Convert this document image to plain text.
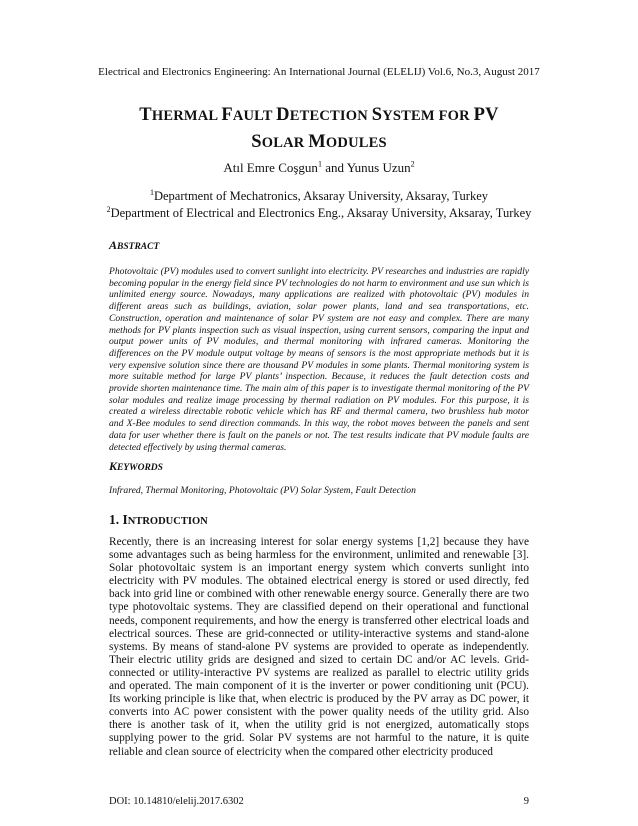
Electrical and Electronics Engineering: An International Journal (ELELIJ) Vol.6, No.3, August 2017
THERMAL FAULT DETECTION SYSTEM FOR PV
SOLAR MODULES
Atıl Emre Coşgun$^1$ and Yunus Uzun$^2$
$^1$Department of Mechatronics, Aksaray University, Aksaray, Turkey
$^2$Department of Electrical and Electronics Eng., Aksaray University, Aksaray, Turkey
ABSTRACT
Photovoltaic (PV) modules used to convert sunlight into electricity. PV researches and industries are rapidly becoming popular in the energy field since PV technologies do not harm to environment and use sun which is unlimited energy source. Nowadays, many applications are realized with photovoltaic (PV) modules in different areas such as buildings, aviation, solar power plants, land and sea transportations, etc. Construction, operation and maintenance of solar PV system are not easy and complex. There are many methods for PV plants inspection such as visual inspection, using current sensors, comparing the input and output power units of PV modules, and thermal monitoring with infrared cameras. Monitoring the differences on the PV module output voltage by means of sensors is the most appropriate methods but it is very expensive solution since there are thousand PV modules in some plants. Thermal monitoring system is more suitable method for large PV plants’ inspection. Because, it reduces the fault detection costs and provide shorten maintenance time. The main aim of this paper is to investigate thermal monitoring of the PV solar modules and realize image processing by thermal radiation on PV modules. For this purpose, it is created a wireless directable robotic vehicle which has RF and thermal camera, two brushless hub motor and X-Bee modules to send direction commands. In this way, the robot moves between the panels and sent data for user whether there is fault on the panels or not. The test results indicate that PV module faults are detected effectively by using thermal cameras.
KEYWORDS
Infrared, Thermal Monitoring, Photovoltaic (PV) Solar System, Fault Detection
1. INTRODUCTION
Recently, there is an increasing interest for solar energy systems [1,2] because they have some advantages such as being harmless for the environment, unlimited and renewable [3]. Solar photovoltaic system is an important energy system which converts sunlight into electricity with PV modules. The obtained electrical energy is stored or used directly, fed back into grid line or combined with other renewable energy source. Generally there are two type photovoltaic systems. They are classified depend on their operational and functional needs, component requirements, and how the energy is transferred other electrical loads and electrical sources. These are grid-connected or utility-interactive systems and stand-alone systems. By means of stand-alone PV systems are provided to operate as independently. Their electric utility grids are designed and sized to certain DC and/or AC levels. Grid-connected or utility-interactive PV systems are realized as parallel to electric utility grids and operated. The main component of it is the inverter or power conditioning unit (PCU). Its working principle is like that, when electric is produced by the PV array as DC power, it converts into AC power consistent with the power quality needs of the utility grid. Also there is another task of it, when the utility grid is not energized, automatically stops supplying power to the grid. Solar PV systems are not harmful to the nature, it is quite reliable and clean source of electricity when the compared other electricity produced
DOI: 10.14810/elelij.2017.6302	9
